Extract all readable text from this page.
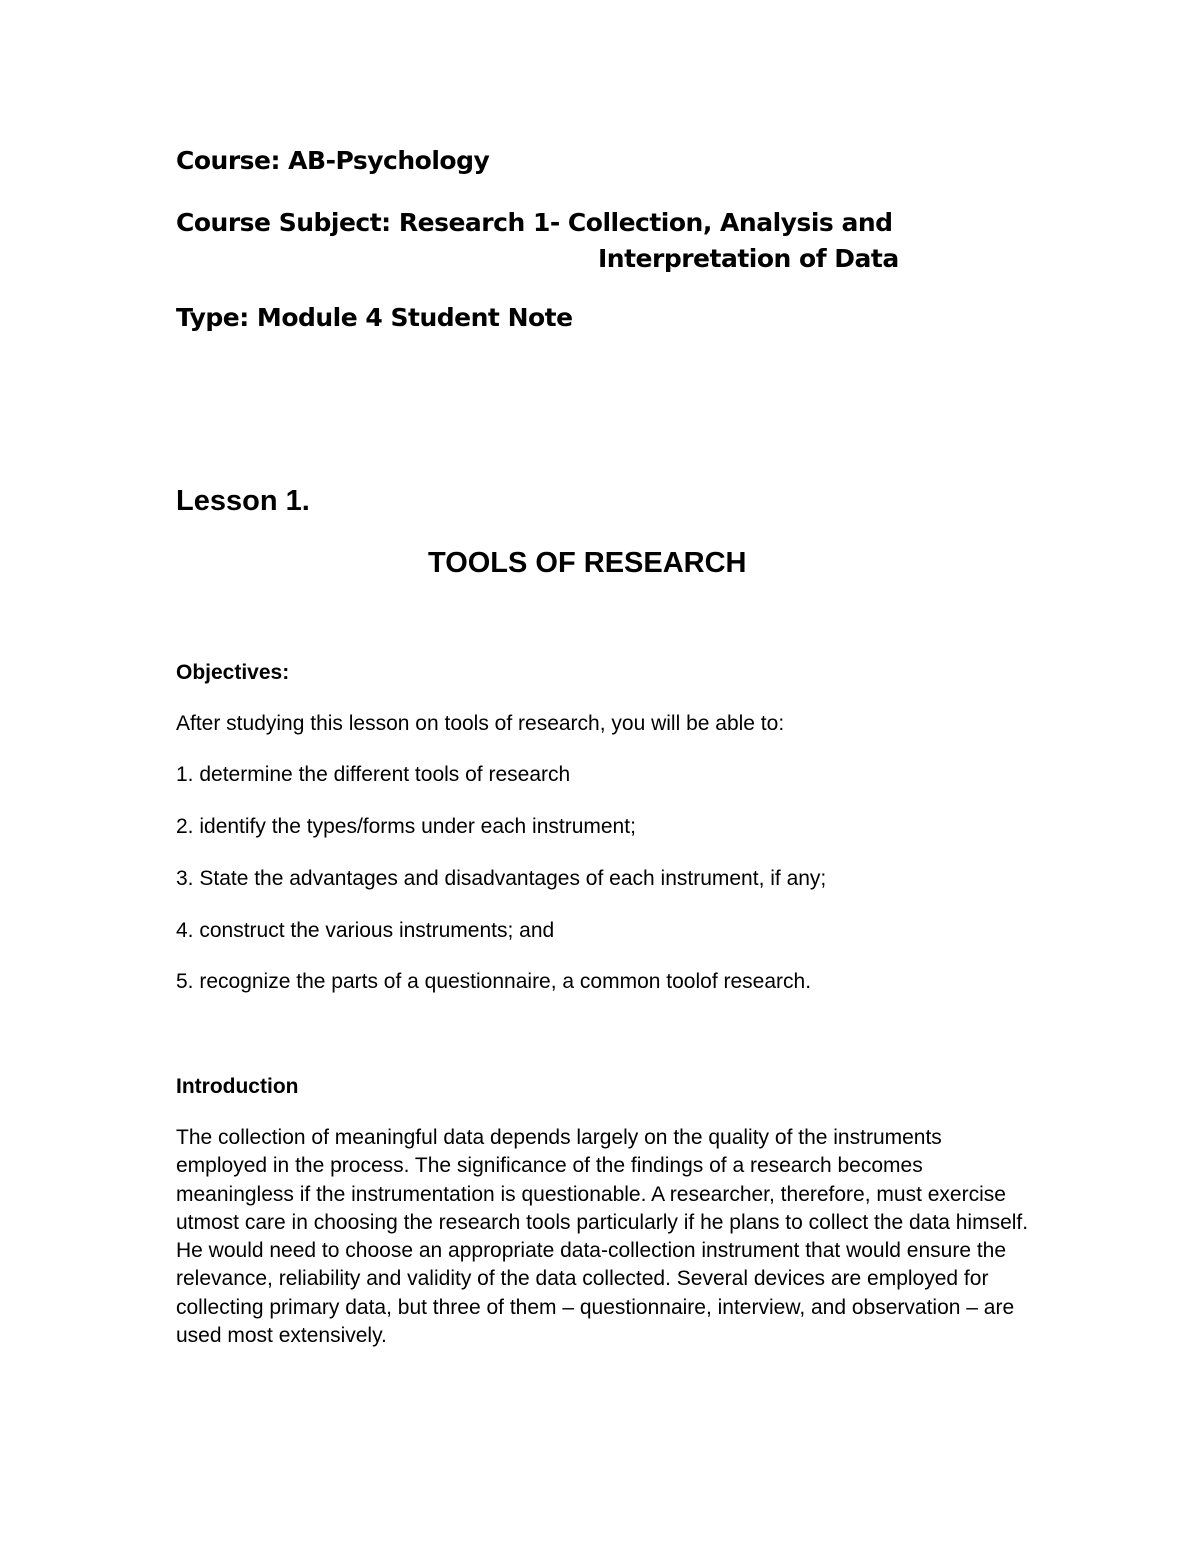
Course: AB-Psychology

Course Subject: Research 1- Collection, Analysis and

Interpretation of Data

Type: Module 4 Student Note

Lesson 1.

TOOLS OF RESEARCH

Objectives:

After studying this lesson on tools of research, you will be able to:

1. determine the different tools of research

2. identify the types/forms under each instrument;

3. State the advantages and disadvantages of each instrument, if any;

4. construct the various instruments; and

5. recognize the parts of a questionnaire, a common toolof research.

Introduction

The collection of meaningful data depends largely on the quality of the instruments employed in the process. The significance of the findings of a research becomes meaningless if the instrumentation is questionable. A researcher, therefore, must exercise utmost care in choosing the research tools particularly if he plans to collect the data himself. He would need to choose an appropriate data-collection instrument that would ensure the relevance, reliability and validity of the data collected. Several devices are employed for collecting primary data, but three of them – questionnaire, interview, and observation – are used most extensively.
